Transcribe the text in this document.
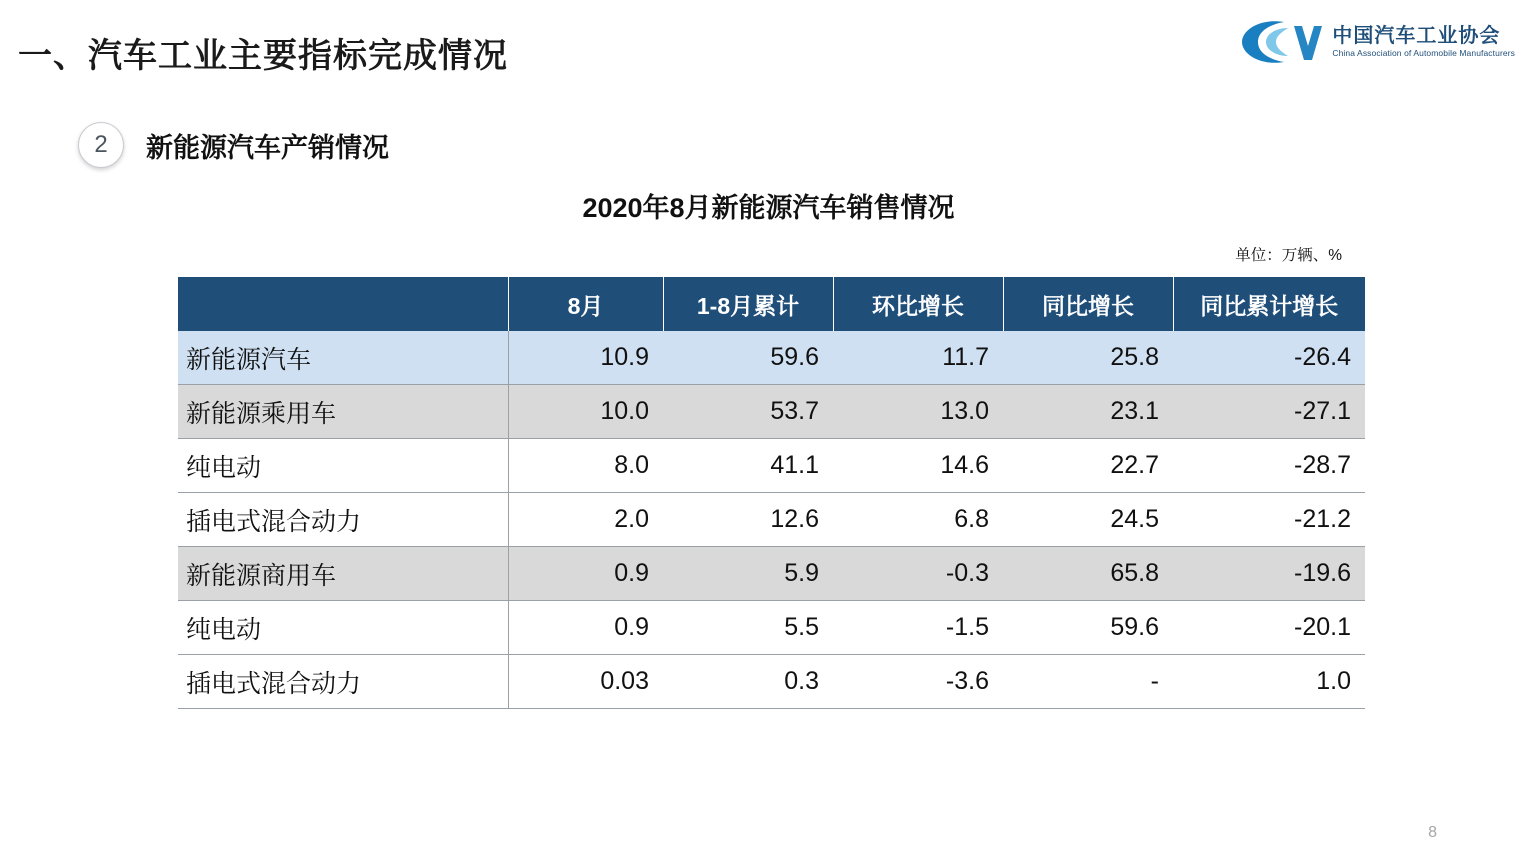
一、汽车工业主要指标完成情况
中国汽车工业协会
China Association of Automobile Manufacturers
2	新能源汽车产销情况
2020年8月新能源汽车销售情况
单位：万辆、%
	8月	1-8月累计	环比增长	同比增长	同比累计增长
新能源汽车	10.9	59.6	11.7	25.8	-26.4
新能源乘用车	10.0	53.7	13.0	23.1	-27.1
纯电动	8.0	41.1	14.6	22.7	-28.7
插电式混合动力	2.0	12.6	6.8	24.5	-21.2
新能源商用车	0.9	5.9	-0.3	65.8	-19.6
纯电动	0.9	5.5	-1.5	59.6	-20.1
插电式混合动力	0.03	0.3	-3.6	-	1.0
8
